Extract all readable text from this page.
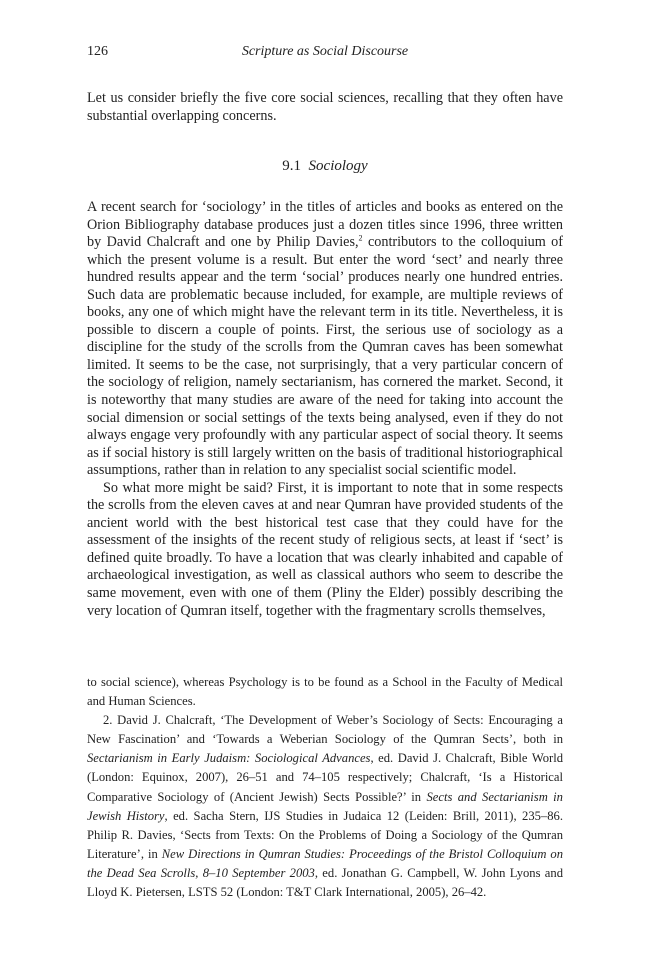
126	Scripture as Social Discourse

Let us consider briefly the five core social sciences, recalling that they often have substantial overlapping concerns.

9.1 Sociology

A recent search for ‘sociology’ in the titles of articles and books as entered on the Orion Bibliography database produces just a dozen titles since 1996, three written by David Chalcraft and one by Philip Davies,$^2$ contributors to the colloquium of which the present volume is a result. But enter the word ‘sect’ and nearly three hundred results appear and the term ‘social’ produces nearly one hundred entries. Such data are problematic because included, for example, are multiple reviews of books, any one of which might have the relevant term in its title. Nevertheless, it is possible to discern a couple of points. First, the serious use of sociology as a discipline for the study of the scrolls from the Qumran caves has been somewhat limited. It seems to be the case, not surprisingly, that a very particular concern of the sociology of religion, namely sectarianism, has cornered the market. Second, it is noteworthy that many studies are aware of the need for taking into account the social dimension or social settings of the texts being analysed, even if they do not always engage very profoundly with any particular aspect of social theory. It seems as if social history is still largely written on the basis of traditional historiographical assumptions, rather than in relation to any specialist social scientific model.

So what more might be said? First, it is important to note that in some respects the scrolls from the eleven caves at and near Qumran have provided students of the ancient world with the best historical test case that they could have for the assessment of the insights of the recent study of religious sects, at least if ‘sect’ is defined quite broadly. To have a location that was clearly inhabited and capable of archaeological investigation, as well as classical authors who seem to describe the same movement, even with one of them (Pliny the Elder) possibly describing the very location of Qumran itself, together with the fragmentary scrolls themselves,

to social science), whereas Psychology is to be found as a School in the Faculty of Medical and Human Sciences.

2. David J. Chalcraft, ‘The Development of Weber’s Sociology of Sects: Encouraging a New Fascination’ and ‘Towards a Weberian Sociology of the Qumran Sects’, both in Sectarianism in Early Judaism: Sociological Advances, ed. David J. Chalcraft, Bible World (London: Equinox, 2007), 26–51 and 74–105 respectively; Chalcraft, ‘Is a Historical Comparative Sociology of (Ancient Jewish) Sects Possible?’ in Sects and Sectarianism in Jewish History, ed. Sacha Stern, IJS Studies in Judaica 12 (Leiden: Brill, 2011), 235–86. Philip R. Davies, ‘Sects from Texts: On the Problems of Doing a Sociology of the Qumran Literature’, in New Directions in Qumran Studies: Proceedings of the Bristol Colloquium on the Dead Sea Scrolls, 8–10 September 2003, ed. Jonathan G. Campbell, W. John Lyons and Lloyd K. Pietersen, LSTS 52 (London: T&T Clark International, 2005), 26–42.
